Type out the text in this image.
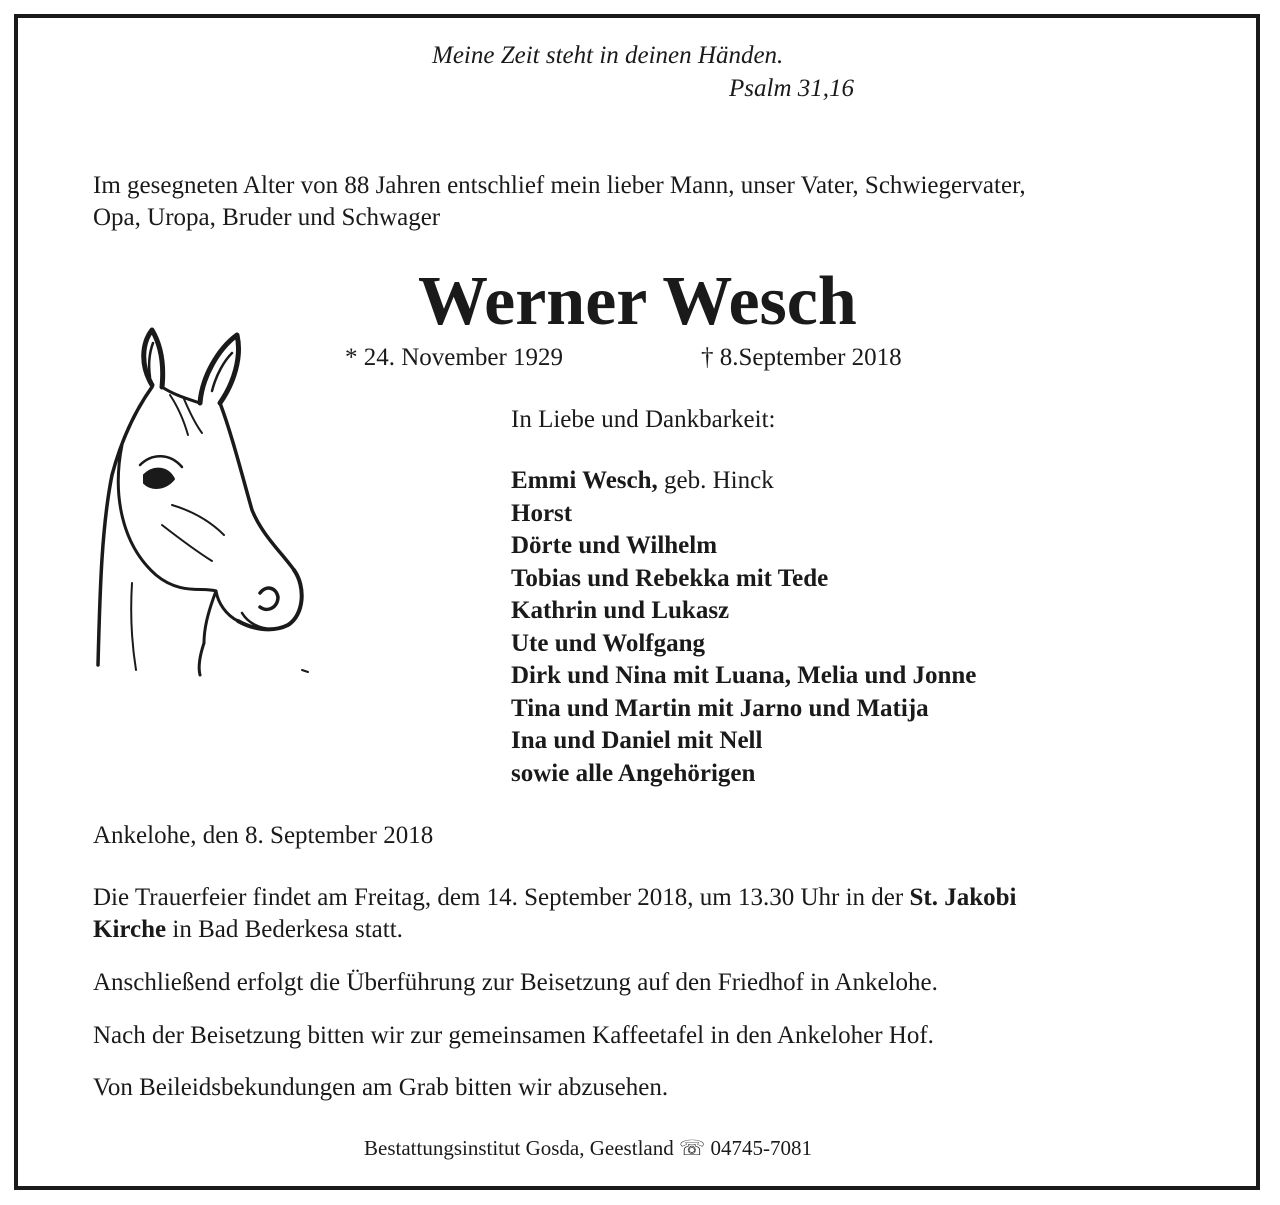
Meine Zeit steht in deinen Händen.
Psalm 31,16
Im gesegneten Alter von 88 Jahren entschlief mein lieber Mann, unser Vater, Schwiegervater,
Opa, Uropa, Bruder und Schwager
Werner Wesch
* 24. November 1929	† 8.September 2018
In Liebe und Dankbarkeit:
Emmi Wesch, geb. Hinck
Horst
Dörte und Wilhelm
Tobias und Rebekka mit Tede
Kathrin und Lukasz
Ute und Wolfgang
Dirk und Nina mit Luana, Melia und Jonne
Tina und Martin mit Jarno und Matija
Ina und Daniel mit Nell
sowie alle Angehörigen
Ankelohe, den 8. September 2018
Die Trauerfeier findet am Freitag, dem 14. September 2018, um 13.30 Uhr in der St. Jakobi
Kirche in Bad Bederkesa statt.
Anschließend erfolgt die Überführung zur Beisetzung auf den Friedhof in Ankelohe.
Nach der Beisetzung bitten wir zur gemeinsamen Kaffeetafel in den Ankeloher Hof.
Von Beileidsbekundungen am Grab bitten wir abzusehen.
Bestattungsinstitut Gosda, Geestland ☏ 04745-7081
